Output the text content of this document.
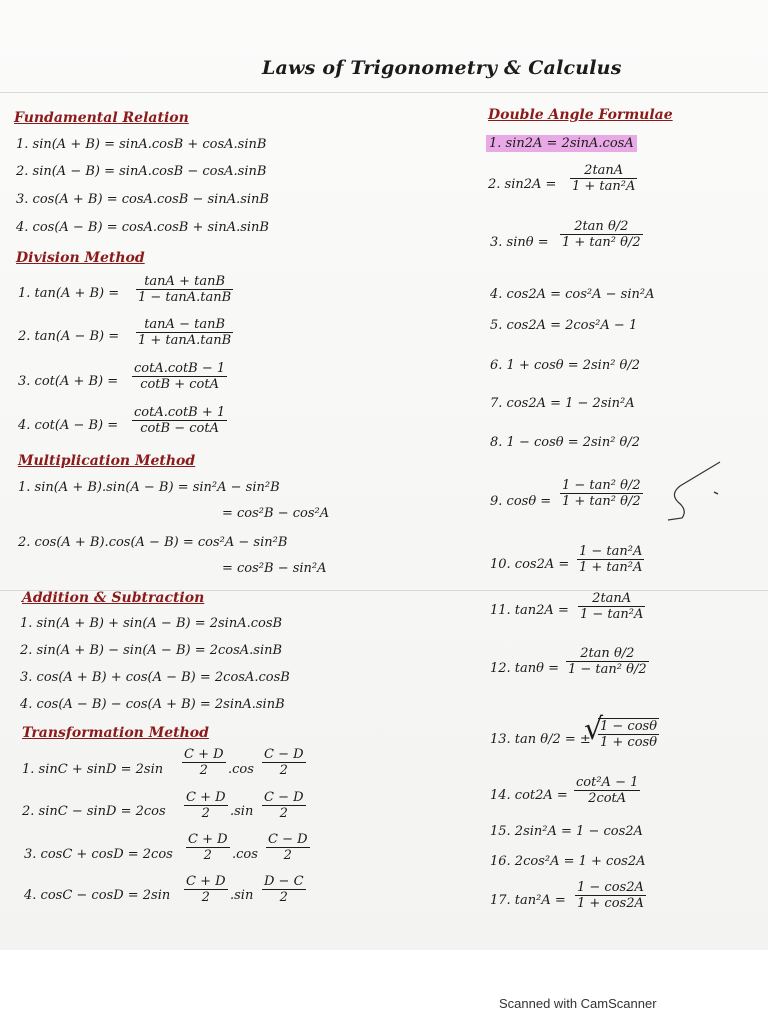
Laws of Trigonometry & Calculus
Fundamental Relation
1. sin(A + B) = sinA.cosB + cosA.sinB
2. sin(A − B) = sinA.cosB − cosA.sinB
3. cos(A + B) = cosA.cosB − sinA.sinB
4. cos(A − B) = cosA.cosB + sinA.sinB
Division Method
1. $\tan(A + B) = \frac{\tan A + \tan B}{1 - \tan A.\tan B}$
2. $\tan(A - B) = \frac{\tan A - \tan B}{1 + \tan A.\tan B}$
3. $\cot(A + B) = \frac{\cot A.\cot B - 1}{\cot B + \cot A}$
4. $\cot(A - B) = \frac{\cot A.\cot B + 1}{\cot B - \cot A}$
Multiplication Method
1. sin(A + B).sin(A − B) = sin²A − sin²B
= cos²B − cos²A
2. cos(A + B).cos(A − B) = cos²A − sin²B
= cos²B − sin²A
Addition & Subtraction
1. sin(A + B) + sin(A − B) = 2sinA.cosB
2. sin(A + B) − sin(A − B) = 2cosA.sinB
3. cos(A + B) + cos(A − B) = 2cosA.cosB
4. cos(A − B) − cos(A + B) = 2sinA.sinB
Transformation Method
1. $\sin C + \sin D = 2\sin \frac{C + D}{2} .\cos \frac{C - D}{2}$
2. $\sin C - \sin D = 2\cos \frac{C + D}{2} .\sin \frac{C - D}{2}$
3. $\cos C + \cos D = 2\cos \frac{C + D}{2} .\cos \frac{C - D}{2}$
4. $\cos C - \cos D = 2\sin \frac{C + D}{2} .\sin \frac{D - C}{2}$
Double Angle Formulae
1. sin2A = 2sinA.cosA
2. $\sin 2A = \frac{2\tan A}{\text{1 + tan²A}}$
3. $\sin\theta = \frac{\text{2tan θ/2}}{\text{1 + tan² θ/2}}$
4. cos2A = cos²A − sin²A
5. cos2A = 2cos²A − 1
6. 1 + cosθ = 2sin² θ/2
7. cos2A = 1 − 2sin²A
8. 1 − cosθ = 2sin² θ/2
9. $\cos\theta = \frac{\text{1 − tan² θ/2}}{\text{1 + tan² θ/2}}$
10. $\cos 2A = \frac{\text{1 − tan²A}}{\text{1 + tan²A}}$
11. $\tan 2A = \frac{2\tan A}{\text{1 − tan²A}}$
12. $\tan\theta = \frac{\text{2tan θ/2}}{\text{1 − tan² θ/2}}$
13. tan θ/2 = ±
√
$\frac{1 - \cos\theta}{1 + \cos\theta}$
14. $\cot 2A = \frac{\text{cot²A − 1}}{2\cot A}$
15. 2sin²A = 1 − cos2A
16. 2cos²A = 1 + cos2A
17. $\tan^2A = \frac{1 - \cos 2A}{1 + \cos 2A}$
Scanned with CamScanner
